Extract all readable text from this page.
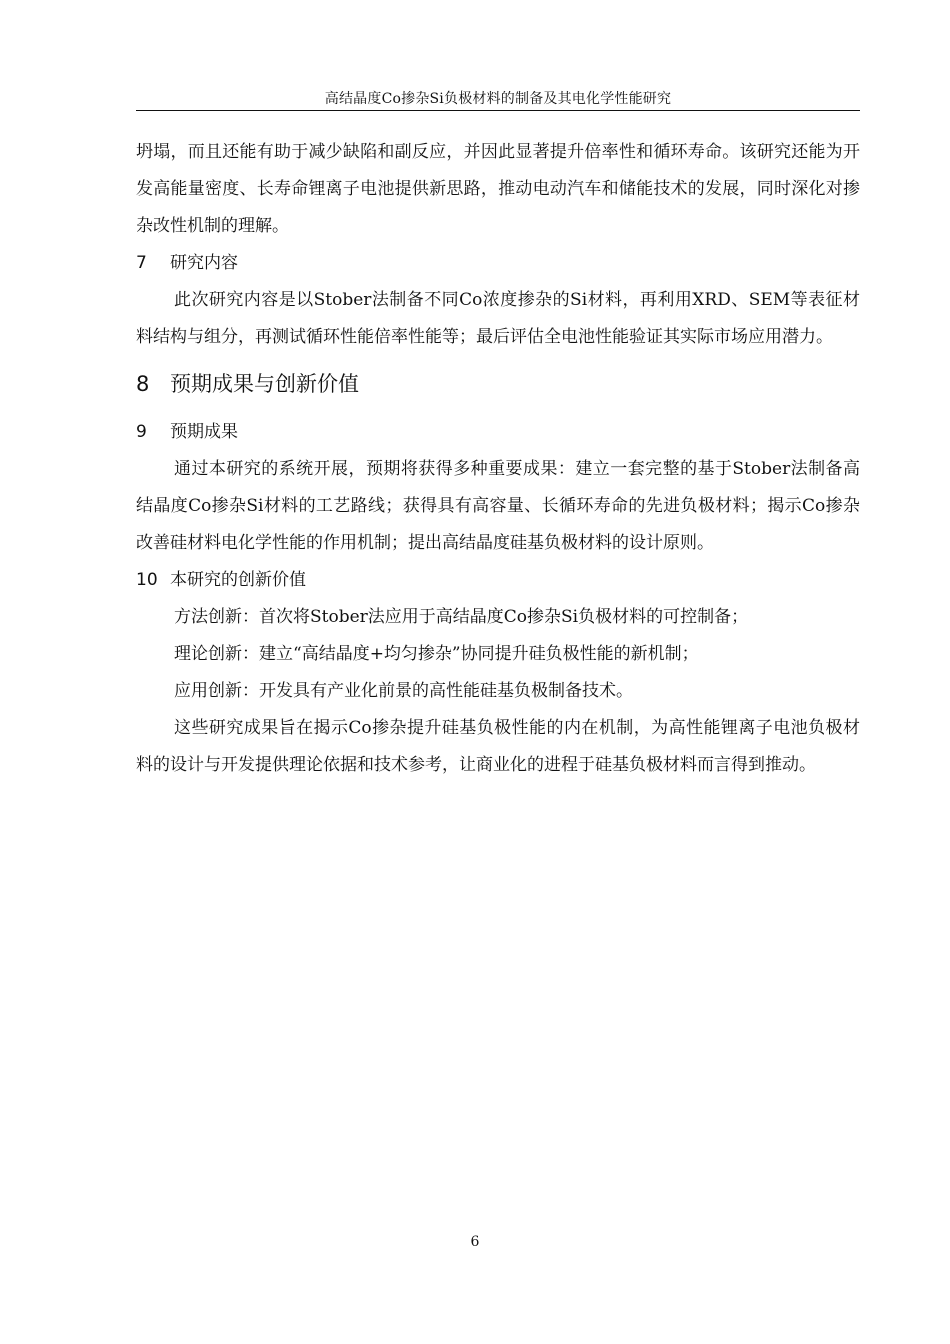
高结晶度Co掺杂Si负极材料的制备及其电化学性能研究

坍塌，而且还能有助于减少缺陷和副反应，并因此显著提升倍率性和循环寿命。该研究还能为开发高能量密度、长寿命锂离子电池提供新思路，推动电动汽车和储能技术的发展，同时深化对掺杂改性机制的理解。

7 研究内容

此次研究内容是以Stober法制备不同Co浓度掺杂的Si材料，再利用XRD、SEM等表征材料结构与组分，再测试循环性能倍率性能等；最后评估全电池性能验证其实际市场应用潜力。

8 预期成果与创新价值
9 预期成果

通过本研究的系统开展，预期将获得多种重要成果：建立一套完整的基于Stober法制备高结晶度Co掺杂Si材料的工艺路线；获得具有高容量、长循环寿命的先进负极材料；揭示Co掺杂改善硅材料电化学性能的作用机制；提出高结晶度硅基负极材料的设计原则。

10 本研究的创新价值

方法创新：首次将Stober法应用于高结晶度Co掺杂Si负极材料的可控制备；

理论创新：建立“高结晶度+均匀掺杂”协同提升硅负极性能的新机制；

应用创新：开发具有产业化前景的高性能硅基负极制备技术。

这些研究成果旨在揭示Co掺杂提升硅基负极性能的内在机制，为高性能锂离子电池负极材料的设计与开发提供理论依据和技术参考，让商业化的进程于硅基负极材料而言得到推动。

6
